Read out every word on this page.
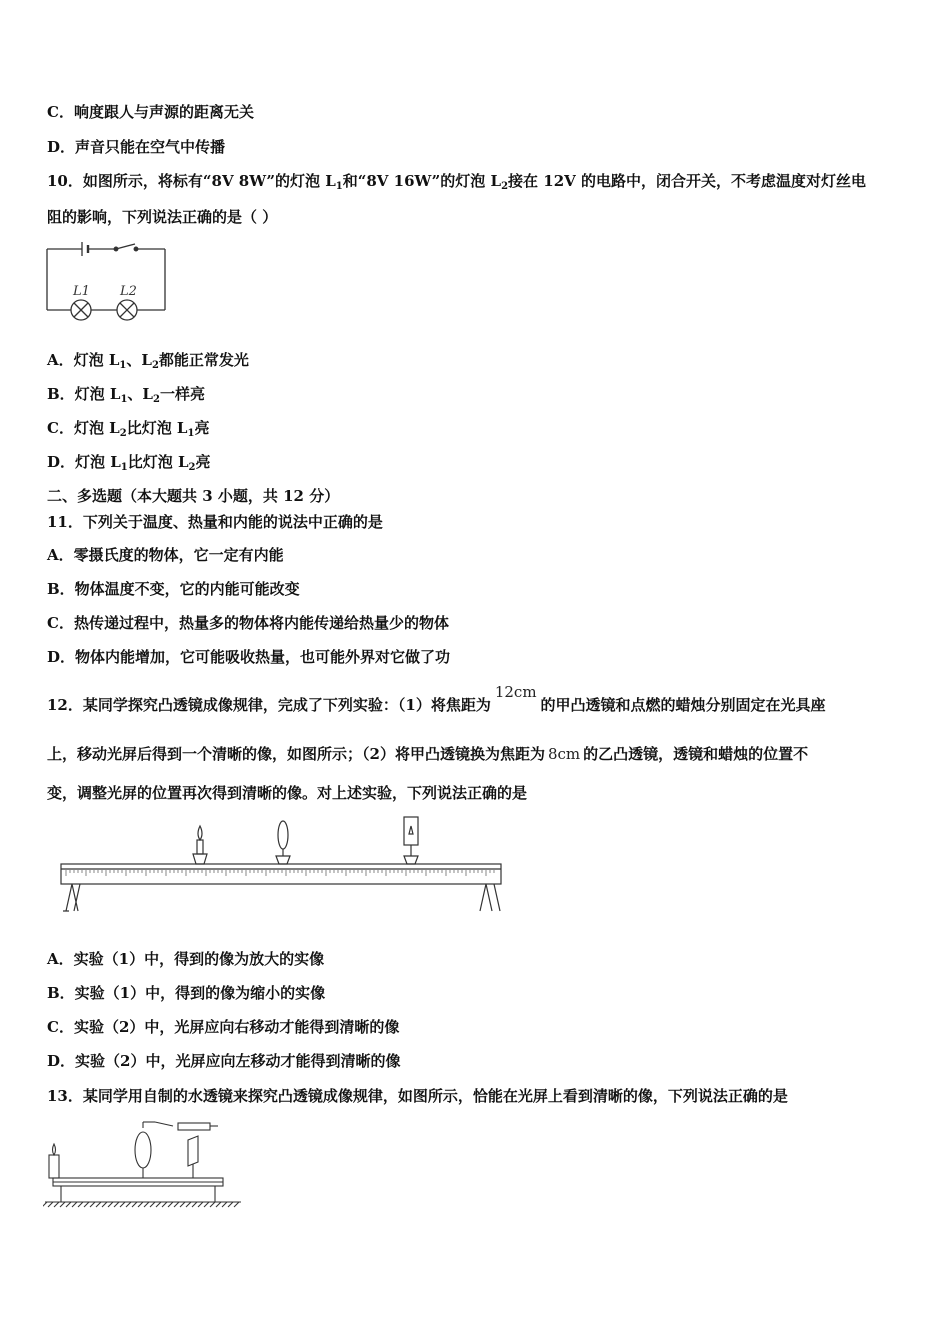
C．响度跟人与声源的距离无关
D．声音只能在空气中传播
10．如图所示，将标有“8V 8W”的灯泡 $L_1$和“8V 16W”的灯泡 $L_2$接在 12V 的电路中，闭合开关，不考虑温度对灯丝电
阻的影响，下列说法正确的是（ ）
L1 L2
A．灯泡 $L_1$、$L_2$都能正常发光
B．灯泡 $L_1$、$L_2$一样亮
C．灯泡 $L_2$比灯泡 $L_1$亮
D．灯泡 $L_1$比灯泡 $L_2$亮
二、多选题（本大题共 3 小题，共 12 分）
11．下列关于温度、热量和内能的说法中正确的是
A．零摄氏度的物体，它一定有内能
B．物体温度不变，它的内能可能改变
C．热传递过程中，热量多的物体将内能传递给热量少的物体
D．物体内能增加，它可能吸收热量，也可能外界对它做了功
12．某同学探究凸透镜成像规律，完成了下列实验：（1）将焦距为12cm的甲凸透镜和点燃的蜡烛分别固定在光具座
上，移动光屏后得到一个清晰的像，如图所示；（2）将甲凸透镜换为焦距为 8cm 的乙凸透镜，透镜和蜡烛的位置不
变，调整光屏的位置再次得到清晰的像。对上述实验，下列说法正确的是
A．实验（1）中，得到的像为放大的实像
B．实验（1）中，得到的像为缩小的实像
C．实验（2）中，光屏应向右移动才能得到清晰的像
D．实验（2）中，光屏应向左移动才能得到清晰的像
13．某同学用自制的水透镜来探究凸透镜成像规律，如图所示，恰能在光屏上看到清晰的像，下列说法正确的是
